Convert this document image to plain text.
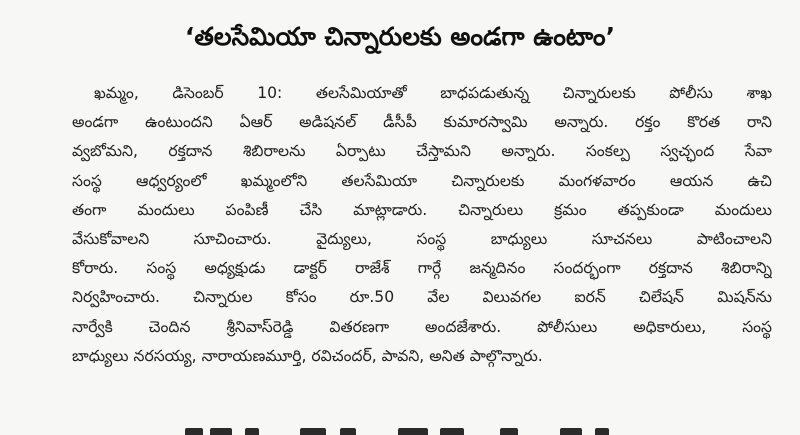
‘తలసేమియా చిన్నారులకు అండగా ఉంటాం’
ఖమ్మం, డిసెంబర్ 10: తలసేమియాతో బాధపడుతున్న చిన్నారులకు పోలీసు శాఖ
అండగా ఉంటుందని ఏఆర్ అడిషనల్ డీసీపీ కుమారస్వామి అన్నారు. రక్తం కొరత రాని
వ్వబోమని, రక్తదాన శిబిరాలను ఏర్పాటు చేస్తామని అన్నారు. సంకల్ప స్వచ్ఛంద సేవా
సంస్థ ఆధ్వర్యంలో ఖమ్మంలోని తలసేమియా చిన్నారులకు మంగళవారం ఆయన ఉచి
తంగా మందులు పంపిణీ చేసి మాట్లాడారు. చిన్నారులు క్రమం తప్పకుండా మందులు
వేసుకోవాలని సూచించారు. వైద్యులు, సంస్థ బాధ్యులు సూచనలు పాటించాలని
కోరారు. సంస్థ అధ్యక్షుడు డాక్టర్ రాజేశ్ గార్గే జన్మదినం సందర్భంగా రక్తదాన శిబిరాన్ని
నిర్వహించారు. చిన్నారుల కోసం రూ.50 వేల విలువగల ఐరన్ చిలేషన్ మిషన్‌ను
నార్వేకి చెందిన శ్రీనివాస్‌రెడ్డి వితరణగా అందజేశారు. పోలీసులు అధికారులు, సంస్థ
బాధ్యులు నరసయ్య, నారాయణమూర్తి, రవిచందర్, పావని, అనిత పాల్గొన్నారు.
